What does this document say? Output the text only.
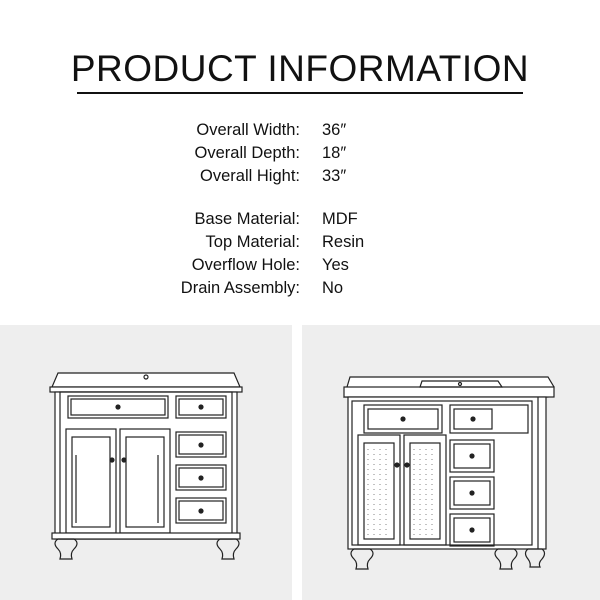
PRODUCT INFORMATION
Overall Width: 36″
Overall Depth: 18″
Overall Hight: 33″
Base Material: MDF
Top Material: Resin
Overflow Hole: Yes
Drain Assembly: No
